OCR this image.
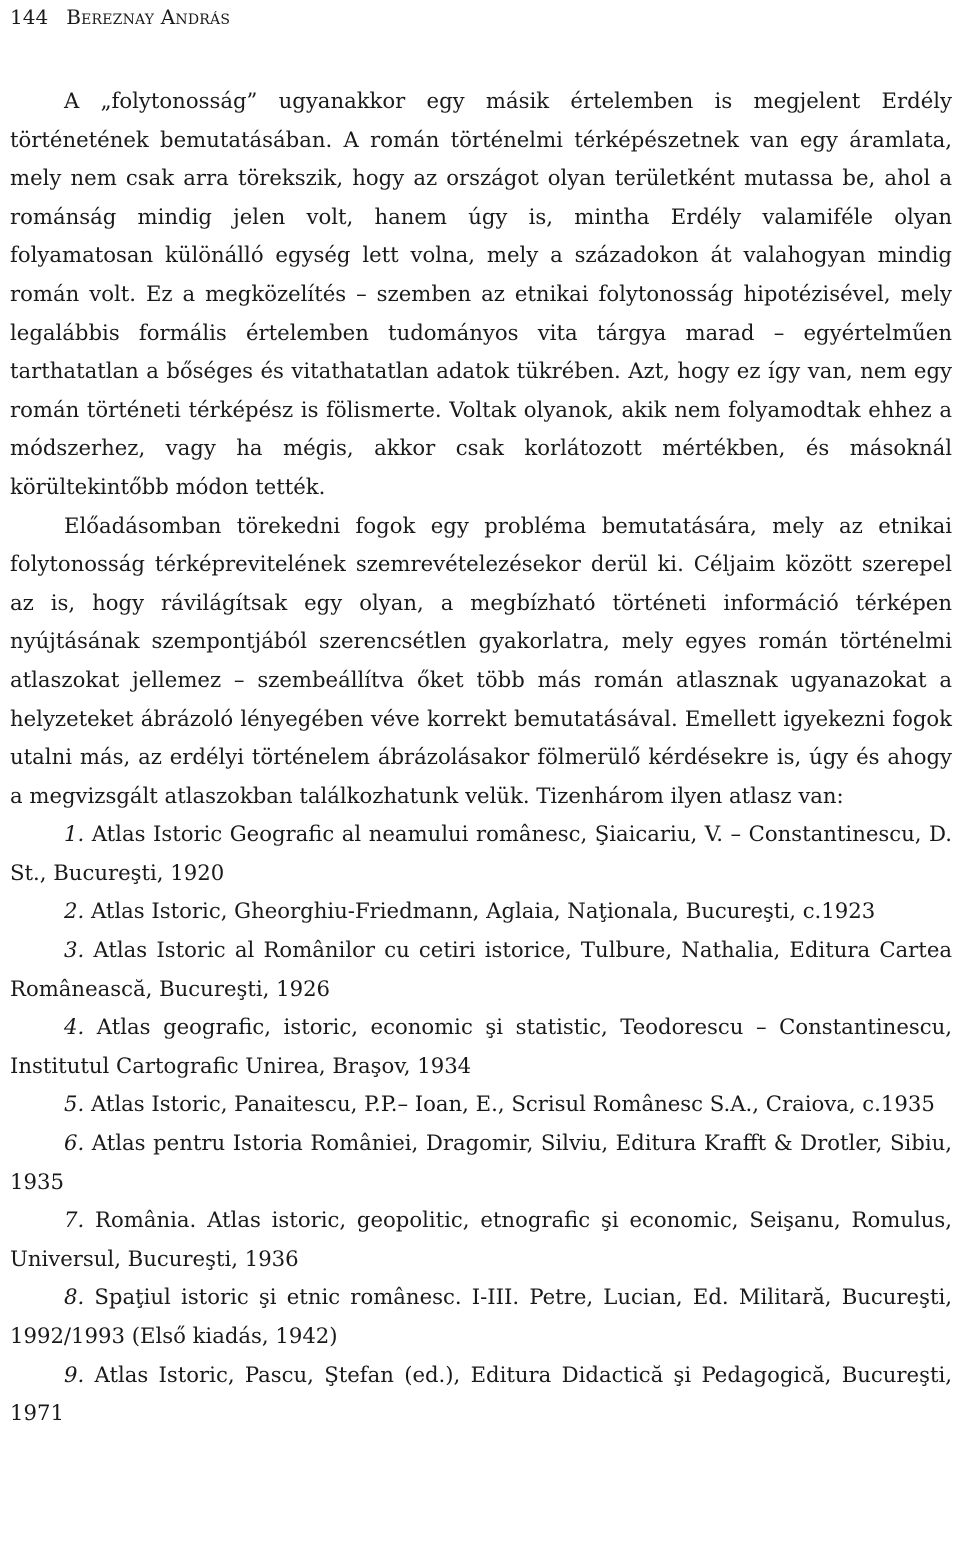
144 Bereznay András

A „folytonosság” ugyanakkor egy másik értelemben is megjelent Erdély történetének bemutatásában. A román történelmi térképészetnek van egy áramlata, mely nem csak arra törekszik, hogy az országot olyan területként mutassa be, ahol a románság mindig jelen volt, hanem úgy is, mintha Erdély valamiféle olyan folyamatosan különálló egység lett volna, mely a századokon át valahogyan mindig román volt. Ez a megközelítés – szemben az etnikai folytonosság hipotézisével, mely legalábbis formális értelemben tudományos vita tárgya marad – egyértelműen tarthatatlan a bőséges és vitathatatlan adatok tükrében. Azt, hogy ez így van, nem egy román történeti térképész is fölismerte. Voltak olyanok, akik nem folyamodtak ehhez a módszerhez, vagy ha mégis, akkor csak korlátozott mértékben, és másoknál körültekintőbb módon tették.

Előadásomban törekedni fogok egy probléma bemutatására, mely az etnikai folytonosság térképrevitelének szemrevételezésekor derül ki. Céljaim között szerepel az is, hogy rávilágítsak egy olyan, a megbízható történeti információ térképen nyújtásának szempontjából szerencsétlen gyakorlatra, mely egyes román történelmi atlaszokat jellemez – szembeállítva őket több más román atlasznak ugyanazokat a helyzeteket ábrázoló lényegében véve korrekt bemutatásával. Emellett igyekezni fogok utalni más, az erdélyi történelem ábrázolásakor fölmerülő kérdésekre is, úgy és ahogy a megvizsgált atlaszokban találkozhatunk velük. Tizenhárom ilyen atlasz van:

1. Atlas Istoric Geografic al neamului românesc, Şiaicariu, V. – Constantinescu, D. St., Bucureşti, 1920
2. Atlas Istoric, Gheorghiu-Friedmann, Aglaia, Naţionala, Bucureşti, c.1923
3. Atlas Istoric al Românilor cu cetiri istorice, Tulbure, Nathalia, Editura Cartea Românească, Bucureşti, 1926
4. Atlas geografic, istoric, economic şi statistic, Teodorescu – Constantinescu, Institutul Cartografic Unirea, Braşov, 1934
5. Atlas Istoric, Panaitescu, P.P.– Ioan, E., Scrisul Românesc S.A., Craiova, c.1935
6. Atlas pentru Istoria României, Dragomir, Silviu, Editura Krafft & Drotler, Sibiu, 1935
7. România. Atlas istoric, geopolitic, etnografic şi economic, Seişanu, Romulus, Universul, Bucureşti, 1936
8. Spaţiul istoric şi etnic românesc. I-III. Petre, Lucian, Ed. Militară, Bucureşti, 1992/1993 (Első kiadás, 1942)
9. Atlas Istoric, Pascu, Ştefan (ed.), Editura Didactică şi Pedagogică, Bucureşti, 1971
